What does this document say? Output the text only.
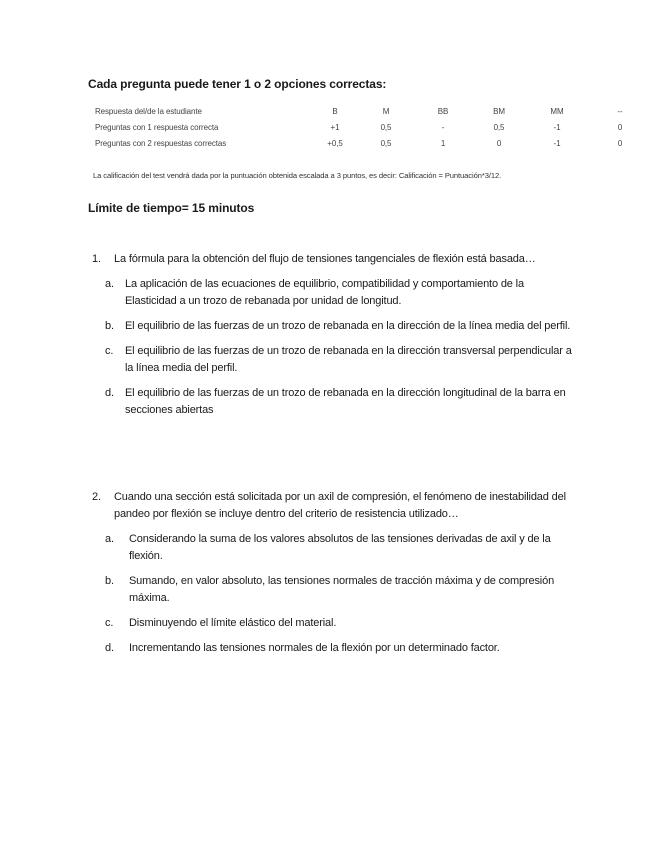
Cada pregunta puede tener 1 o 2 opciones correctas:
Respuesta del/de la estudiante	B	M	BB	BM	MM	--
Preguntas con 1 respuesta correcta	+1	0,5	-	0,5	-1	0
Preguntas con 2 respuestas correctas	+0,5	0,5	1	0	-1	0
La calificación del test vendrá dada por la puntuación obtenida escalada a 3 puntos, es decir: Calificación = Puntuación*3/12.
Límite de tiempo= 15 minutos
1.	La fórmula para la obtención del flujo de tensiones tangenciales de flexión está basada…
a. La aplicación de las ecuaciones de equilibrio, compatibilidad y comportamiento de la Elasticidad a un trozo de rebanada por unidad de longitud.
b. El equilibrio de las fuerzas de un trozo de rebanada en la dirección de la línea media del perfil.
c. El equilibrio de las fuerzas de un trozo de rebanada en la dirección transversal perpendicular a la línea media del perfil.
d. El equilibrio de las fuerzas de un trozo de rebanada en la dirección longitudinal de la barra en secciones abiertas
2.	Cuando una sección está solicitada por un axil de compresión, el fenómeno de inestabilidad del pandeo por flexión se incluye dentro del criterio de resistencia utilizado…
a. Considerando la suma de los valores absolutos de las tensiones derivadas de axil y de la flexión.
b. Sumando, en valor absoluto, las tensiones normales de tracción máxima y de compresión máxima.
c. Disminuyendo el límite elástico del material.
d. Incrementando las tensiones normales de la flexión por un determinado factor.
